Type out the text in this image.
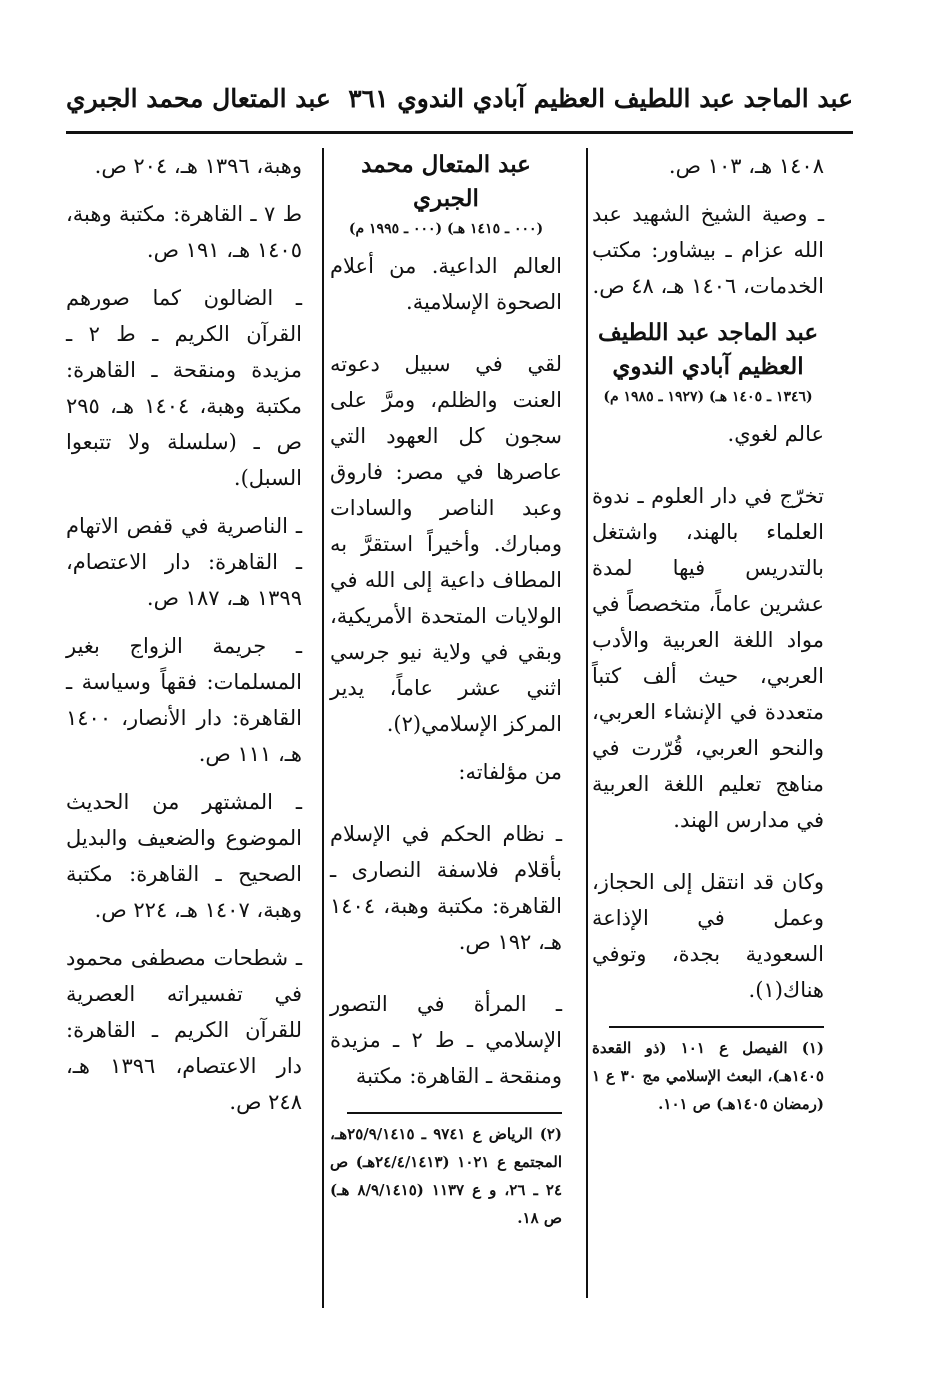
عبد الماجد عبد اللطيف العظيم آبادي الندوي ٣٦١
عبد المتعال محمد الجبري

١٤٠٨ هـ، ١٠٣ ص.

ـ وصية الشيخ الشهيد عبد الله عزام ـ بيشاور: مكتب الخدمات، ١٤٠٦ هـ، ٤٨ ص.

عبد الماجد عبد اللطيف العظيم آبادي الندوي

(١٣٤٦ ـ ١٤٠٥ هـ) (١٩٢٧ ـ ١٩٨٥ م)

عالم لغوي.

تخرّج في دار العلوم ـ ندوة العلماء بالهند، واشتغل بالتدريس فيها لمدة عشرين عاماً، متخصصاً في مواد اللغة العربية والأدب العربي، حيث ألف كتباً متعددة في الإنشاء العربي، والنحو العربي، قُرّرت في مناهج تعليم اللغة العربية في مدارس الهند.

وكان قد انتقل إلى الحجاز، وعمل في الإذاعة السعودية بجدة، وتوفي هناك(١).

(١) الفيصل ع ١٠١ (ذو القعدة ١٤٠٥هـ)، البعث الإسلامي مج ٣٠ ع ١ (رمضان ١٤٠٥هـ) ص ١٠١.

عبد المتعال محمد الجبري

(٠٠٠ ـ ١٤١٥ هـ) (٠٠٠ ـ ١٩٩٥ م)

العالم الداعية. من أعلام الصحوة الإسلامية.

لقي في سبيل دعوته العنت والظلم، ومرَّ على سجون كل العهود التي عاصرها في مصر: فاروق وعبد الناصر والسادات ومبارك. وأخيراً استقرَّ به المطاف داعية إلى الله في الولايات المتحدة الأمريكية، وبقي في ولاية نيو جرسي اثني عشر عاماً، يدير المركز الإسلامي(٢).

من مؤلفاته:

ـ نظام الحكم في الإسلام بأقلام فلاسفة النصارى ـ القاهرة: مكتبة وهبة، ١٤٠٤ هـ، ١٩٢ ص.

ـ المرأة في التصور الإسلامي ـ ط ٢ ـ مزيدة ومنقحة ـ القاهرة: مكتبة

(٢) الرياض ع ٩٧٤١ ـ ٢٥/٩/١٤١٥هـ، المجتمع ع ١٠٢١ (٢٤/٤/١٤١٣هـ) ص ٢٤ ـ ٢٦، و ع ١١٣٧ (٨/٩/١٤١٥ هـ) ص ١٨.

وهبة، ١٣٩٦ هـ، ٢٠٤ ص.

ط ٧ ـ القاهرة: مكتبة وهبة، ١٤٠٥ هـ، ١٩١ ص.

ـ الضالون كما صورهم القرآن الكريم ـ ط ٢ ـ مزيدة ومنقحة ـ القاهرة: مكتبة وهبة، ١٤٠٤ هـ، ٢٩٥ ص ـ (سلسلة ولا تتبعوا السبل).

ـ الناصرية في قفص الاتهام ـ القاهرة: دار الاعتصام، ١٣٩٩ هـ، ١٨٧ ص.

ـ جريمة الزواج بغير المسلمات: فقهاً وسياسة ـ القاهرة: دار الأنصار، ١٤٠٠ هـ، ١١١ ص.

ـ المشتهر من الحديث الموضوع والضعيف والبديل الصحيح ـ القاهرة: مكتبة وهبة، ١٤٠٧ هـ، ٢٢٤ ص.

ـ شطحات مصطفى محمود في تفسيراته العصرية للقرآن الكريم ـ القاهرة: دار الاعتصام، ١٣٩٦ هـ، ٢٤٨ ص.
